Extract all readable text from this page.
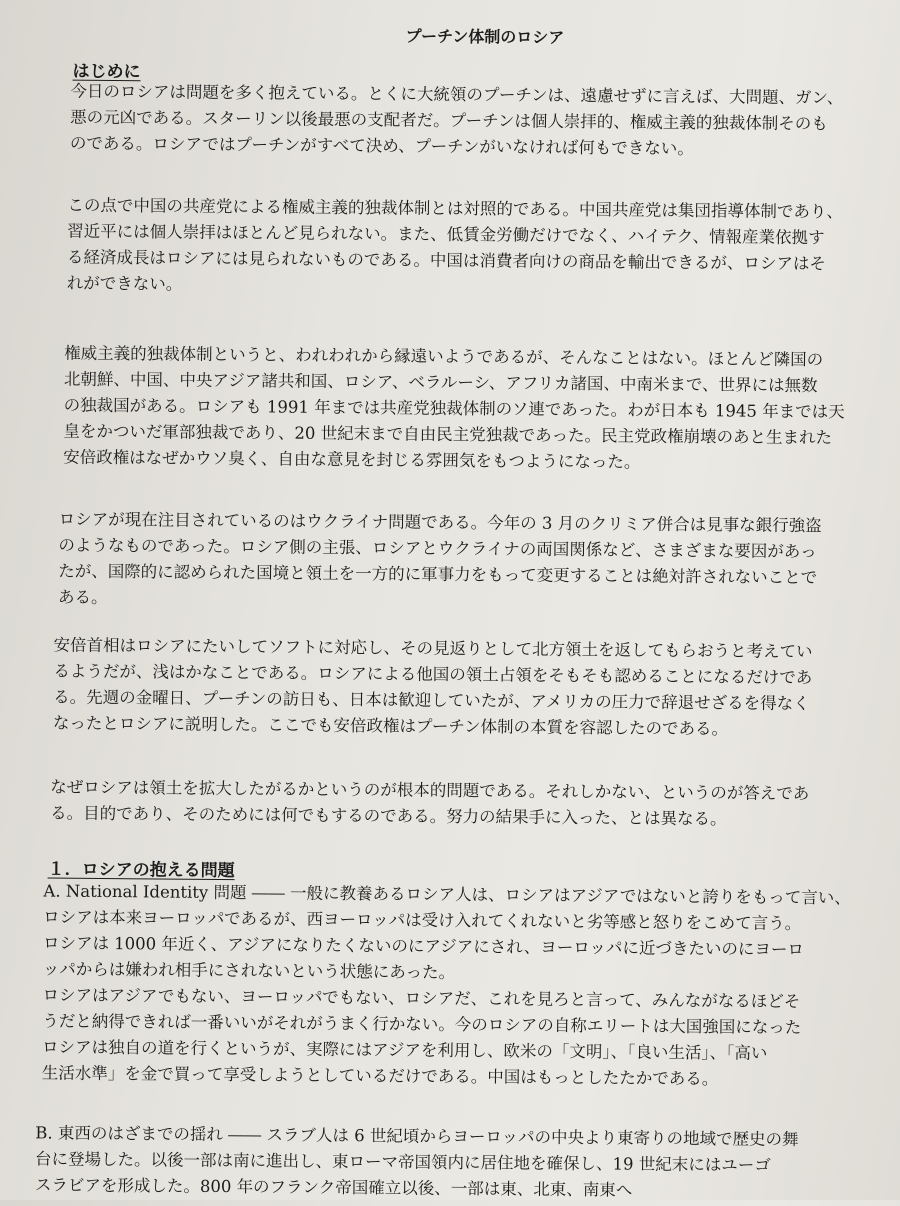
プーチン体制のロシア
はじめに
今日のロシアは問題を多く抱えている。とくに大統領のプーチンは、遠慮せずに言えば、大問題、ガン、
悪の元凶である。スターリン以後最悪の支配者だ。プーチンは個人崇拝的、権威主義的独裁体制そのも
のである。ロシアではプーチンがすべて決め、プーチンがいなければ何もできない。
この点で中国の共産党による権威主義的独裁体制とは対照的である。中国共産党は集団指導体制であり、
習近平には個人崇拝はほとんど見られない。また、低賃金労働だけでなく、ハイテク、情報産業依拠す
る経済成長はロシアには見られないものである。中国は消費者向けの商品を輸出できるが、ロシアはそ
れができない。
権威主義的独裁体制というと、われわれから縁遠いようであるが、そんなことはない。ほとんど隣国の
北朝鮮、中国、中央アジア諸共和国、ロシア、ベラルーシ、アフリカ諸国、中南米まで、世界には無数
の独裁国がある。ロシアも 1991 年までは共産党独裁体制のソ連であった。わが日本も 1945 年までは天
皇をかついだ軍部独裁であり、20 世紀末まで自由民主党独裁であった。民主党政権崩壊のあと生まれた
安倍政権はなぜかウソ臭く、自由な意見を封じる雰囲気をもつようになった。
ロシアが現在注目されているのはウクライナ問題である。今年の 3 月のクリミア併合は見事な銀行強盗
のようなものであった。ロシア側の主張、ロシアとウクライナの両国関係など、さまざまな要因があっ
たが、国際的に認められた国境と領土を一方的に軍事力をもって変更することは絶対許されないことで
ある。
安倍首相はロシアにたいしてソフトに対応し、その見返りとして北方領土を返してもらおうと考えてい
るようだが、浅はかなことである。ロシアによる他国の領土占領をそもそも認めることになるだけであ
る。先週の金曜日、プーチンの訪日も、日本は歓迎していたが、アメリカの圧力で辞退せざるを得なく
なったとロシアに説明した。ここでも安倍政権はプーチン体制の本質を容認したのである。
なぜロシアは領土を拡大したがるかというのが根本的問題である。それしかない、というのが答えであ
る。目的であり、そのためには何でもするのである。努力の結果手に入った、とは異なる。
１．ロシアの抱える問題
A. National Identity 問題 ―― 一般に教養あるロシア人は、ロシアはアジアではないと誇りをもって言い、
ロシアは本来ヨーロッパであるが、西ヨーロッパは受け入れてくれないと劣等感と怒りをこめて言う。
ロシアは 1000 年近く、アジアになりたくないのにアジアにされ、ヨーロッパに近づきたいのにヨーロ
ッパからは嫌われ相手にされないという状態にあった。
ロシアはアジアでもない、ヨーロッパでもない、ロシアだ、これを見ろと言って、みんながなるほどそ
うだと納得できれば一番いいがそれがうまく行かない。今のロシアの自称エリートは大国強国になった
ロシアは独自の道を行くというが、実際にはアジアを利用し、欧米の「文明」、「良い生活」、「高い
生活水準」を金で買って享受しようとしているだけである。中国はもっとしたたかである。
B. 東西のはざまでの揺れ ―― スラブ人は 6 世紀頃からヨーロッパの中央より東寄りの地域で歴史の舞
台に登場した。以後一部は南に進出し、東ローマ帝国領内に居住地を確保し、19 世紀末にはユーゴ
スラビアを形成した。800 年のフランク帝国確立以後、一部は東、北東、南東へ
